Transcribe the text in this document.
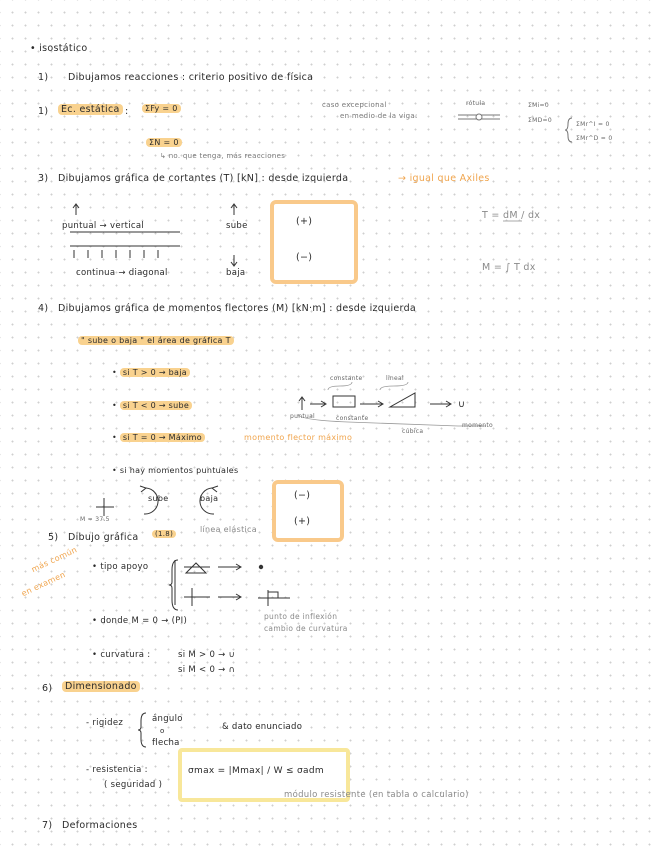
• isostático
1) Dibujamos reacciones : criterio positivo de física
1)	Ec. estática :	ΣFy = 0
ΣN = 0
↳ no. que tenga, más reacciones
caso excepcional
en medio de la viga:
rótula	ΣMi=0
ΣMD=0
ΣMr^I = 0
ΣMr^D = 0
3) Dibujamos gráfica de cortantes (T) [kN] : desde izquierda	→ igual que Axiles
puntual → vertical
continua → diagonal
sube
baja
(+)
(−)
T = dM / dx
M = ∫ T dx
4) Dibujamos gráfica de momentos flectores (M) [kN·m] : desde izquierda
" sube o baja " el área de gráfica T
• si T > 0 → baja
• si T < 0 → sube
• si T = 0 → Máximo	momento flector máximo
• si hay momentos puntuales
constante	lineal
puntual	constante
cúbica
momento
∪
sube	baja
M = 37.5
(−)
(+)
5) Dibujo gráfica	(1.8)	línea elástica
más común
en examen
• tipo apoyo
• donde M = 0 → (PI)	punto de inflexión
cambio de curvatura
• curvatura :	si M > 0 → ∪
si M < 0 → ∩
6)	Dimensionado
- rigidez	ángulo
o
flecha
& dato enunciado
- resistencia :
( seguridad )
σmax = |Mmax| / W ≤ σadm
módulo resistente (en tabla o calculario)
7) Deformaciones
